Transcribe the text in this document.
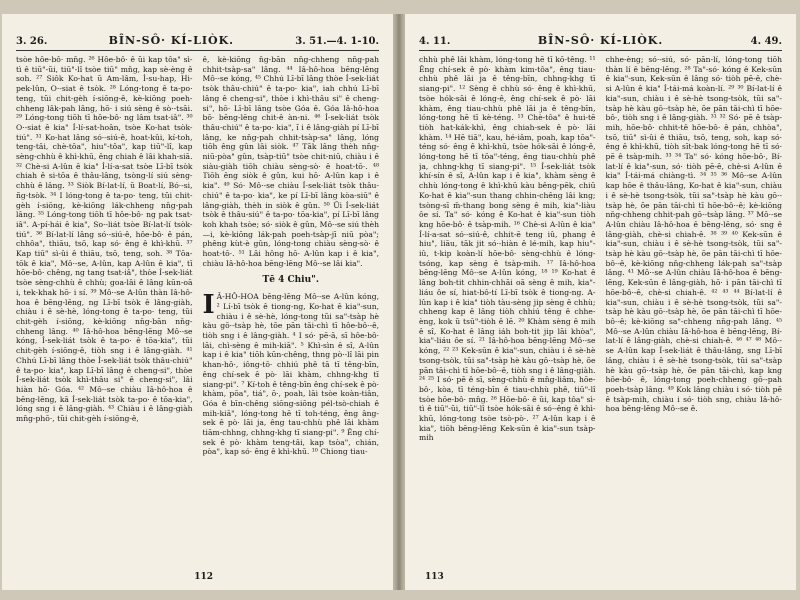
3. 26.	BÎN-SÔ· KÍ-LIÒK.	3. 51.—4. 1-10.

tsòe hôe-bô· mn̄g. ²⁶ Hôe-bô· ê ŭi kap tôa" sì-tì ê tiū"-ŭi, tiū"-lî tsòe tiū" mn̄g, kap sè-èng ê soh. ²⁷ Siôk Ko-hat ŭ Am-lâm, Í-su-hap, Hi-pek-lûn, O·-siat ê tsòk. ²⁸ Lóng-tong ê ta-po· teng, tŭi chit-gèh í-siōng-ê, kè-kiōng poeh-chheng lâk-pah lâng, hō· i siú sèng ê sò·-tsāi. ²⁹ Lóng-tong tiōh tī hôe-bô· ng lâm tsat-iâ". ³⁰ O·-siat ê kia" Í-lí-sat-hoân, tsòe Ko-hat tsòk-tiú". ³¹ Ko-hat lâng só·-siú-ê, hoat-kûi, kí-toh, teng-tâi, chè-tôa", hiu"-tôa", kap tiū"-lî, kap sèng-chhù ê khì-khū, êng chiah ê lâi khah-siā. ³² Chè-si A-lûn ê kia" Í-lí-a-sat tsòe Lī-bī tsòk chiah ê si-tōa ê thâu-lâng, tsòng-lí siú sèng-chhù ê lâng. ³³ Siòk Bí-lat-lí, ŭ Boat-lí, Bó·-si, ñg-tsòk. ³⁴ I lóng-tong ê ta-po· teng, tŭi chit-gèh í-siōng, kè-kiōng lák-chheng nn̄g-pah lâng. ³⁵ Lóng-tong tiōh tī hôe-bô· ng pak tsat-iâ". A-pí-hái ê kia", So·-liát tsòe Bí-lat-lí tsòk-tiú". ³⁶ Bí-lat-lí lâng só·-siú-ê, hôe-bô· ê pán, chhôa", thiāu, tsō, kap só· êng ê khì-khū. ³⁷ Kap tiū" sì-ûi ê thiāu, tsō, teng, soh. ³⁸ Tŏa-tōk ê kia", Mô·-se, A-lûn, kap A-lûn ê kia", tī hōe-bô· chêng, ng tang tsat-iâ", thòe Í-sek-liát tsòe sèng-chhù ê chhù; goa-lâi ê lâng kūn-oā i, tek-khak hō· i sí. ³⁹ Mô·-se A-lûn thàn Iâ-hô-hoa ê bēng-lēng, ng Lī-bī tsòk ê lâng-giàh, chiàu i ê sè-hè, lóng-tong ê ta-po· teng, tŭi chit-gèh í-siōng, kè-kiōng nn̄g-bān nn̄g-chheng lâng. ⁴⁰ Iâ-hô-hoa bēng-lēng Mô·-se kóng, Í-sek-liát tsòk ê ta-po· ê tōa-kia", tŭi chit-gèh í-siōng-ê, tiòh sng i ê lâng-giàh. ⁴¹ Chhú Lī-bī lâng thòe Í-sek-liát tsòk thâu-chiú" ê ta-po· kia", kap Lī-bī lâng ê cheng-si", thòe Í-sek-liát tsòk khì-thâu si" ê cheng-si", lâi hiàn hō· Góa. ⁴² Mô·-se chiàu Iâ-hô-hoa ê bēng-lēng, kā Í-sek-liát tsòk ta-po· ê tōa-kia", lóng sng i ê lâng-giàh. ⁴³ Chiàu i ê lâng-giàh mn̄g-phō·, tŭi chit-gèh í-siōng-ê,

ê, kè-kiōng n̄g-bān nn̄g-chheng nn̄g-pah chhit-tsàp-sa" lâng. ⁴⁴ Iâ-hô-hoa bēng-lēng Mô·-se kóng, ⁴⁵ Chhú Lī-bī lâng thòe Í-sek-liát tsòk thâu-chiú" ê ta-po· kia", iah chhú Lī-bī lâng ê cheng-si", thòe i khì-thâu si" ê cheng-si", hō· Lī-bī lâng tsòe Góa ê. Góa Iâ-hô-hoa bō· bēng-lēng chit-ê àn-ni. ⁴⁶ Í-sek-liát tsòk thâu-chiú" ê ta-po· kia", ĭ i ê lâng-giàh pí Lī-bī lâng, ke nn̄g-pah chhit-tsàp-sa" lâng, lóng tiōh êng gûn lâi siòk. ⁴⁷ Tāk lâng thèh nn̄g-niū-pòa" gûn, tsàp-tiū" tsòe chit-niū, chiàu i ê siàu-giàh tiōh chiàu sèng-sò· ê hoat-tō·. ⁴⁸ Tiōh êng siòk ê gûn, kui hō· A-lûn kap i ê kia". ⁴⁹ Só· Mô·-se chiàu Í-sek-liát tsòk thâu-chiú" ê ta-po· kia", ke pí Lī-bī lâng kòa-siū" ê lâng-giàh, thèh in siòk ê gûn. ⁵⁰ Ŭi Í-sek-liát tsòk ê thâu-siú" ê ta-po· tōa-kia", pí Lī-bī lâng koh khah tsòe; só· siòk ê gûn, Mô·-se siú thèh—i, kè-kiōng lák-pah poeh-tsàp-jī niū pòa"; phêng kùt-è gûn, lóng-tong chiàu sèng-sò· ê hoat-tō·. ⁵¹ Lâi hông hō· A-lûn kap i ê kia", chiàu Iâ-hô-hoa bēng-lēng Mô·-se lâi kia".

Tē 4 Chiu".

I Â-HÔ-HOA bēng-lēng Mô·-se A-lûn kóng, ² Lí-bī tsòk ê tiong-ng, Ko-hat ê kia"-sun, chiàu i ê sè-hè, lóng-tong tŭi sa"-tsàp hè kàu gō·-tsàp hè, tŏe pān tāi-chì tī hôe-bô·-ê, tiòh sng i ê lâng-giàh. ⁴ I só· pē-ā, sī hôe-bô· lāi, chì-sèng ê mih-kiā". ⁵ Khì-sìn ê sî, A-lûn kap i ê kia" tiōh kūn-chêng, thng pò·-lî lāi pin khan-hô·, iông-tō· chhiú phê tā tī têng-bīn, êng chí-sek ê pò· lāi khàm, chhng-khg tī siang-pi". ⁷ Kí-toh ê têng-bīn êng chí-sek ê pò· khàm, pōa", tiá", ō·, poah, lāi tsòe koàn-tiân, Góa ê bīn-chêng siōng-siōng pél-tsò-chiah ê mih-kiā", lóng-tong hē tī toh-téng, êng âng-sek ê pò· lāi ja, êng tau-chhù phê lāi khàm tiām-chhng, chhng-khg tī siang-pi". ⁹ Êng chí-sek ê pò· khàm teng-tâi, kap tsòa", chián, pòa", kap só· êng ê khì-khū. ¹⁰ Chiong tiau-

112
4. 11.	BÎN-SÔ· KÍ-LIÒK.	4. 49.

chhù phê lāi khàm, lóng-tong hē tī kō-têng. ¹¹ Êng chí-sek ê pò· khàm kim-tôa", êng tiau-chhù phê lāi ja ê têng-bīn, chhng-khg tī siang-pi". ¹² Sèng ê chhù só· êng ê khì-khū, tsòe hók-sāi ê lóng-ê, êng chí-sek ê pò· lāi khàm, êng tiau-chhù phê lāi ja ê têng-bīn, lóng-tong hē tī kè-téng. ¹³ Chè-tôa" ê hui-tē tiòh hat-kák-khì, êng chiah-sek ê pò· lāi khàm. ¹⁴ Hē tiā", kau, hé-iâm, poah, kap tōa"-téng só· êng ê khì-khū, tsòe hók-sāi ê lóng-ê, lóng-tong hē tī tōa"-téng, êng tiau-chhù phê ja, chhng-khg tī siang-pi". ¹⁵ Í-sek-liát tsòk khí-sín ê sî, A-lûn kap i ê kia", khàm sèng ê chhù lóng-tong ê khì-khū kàu bêng-pēk, chiū Ko-hat ê kia"-sun thang chhin-chêng lâi kng; tsòng-sī m̄-thang bong sèng ê mih, kia"-liàu ôe sí. Ta" só· kóng ê Ko-hat ê kia"-sun tiòh kng hōe-bô· ê tsàp-mih. ¹⁶ Chè-si A-lûn ê kia" Í-lí-a-sat só·-siú-ê, chhit-ē teng iû, phang ê hiu", liāu, tāk jit só·-hiàn ê lé-mih, kap hiu"-iû, t-kip koàn-lí hōe-bô· sèng-chhù ê lóng-tsóng, kap sèng ê tsàp-mih. ¹⁷ Iâ-hô-hoa bēng-lēng Mô·-se A-lûn kóng, ¹⁸ ¹⁹ Ko-hat ê lâng boh-tit chhin-chhāi oā sèng ê mih, kia"-liáu ôe sí, hiat-bô-tí Lī-bī tsòk ê tiong-ng. A-lûn kap i ê kia" tiòh tàu-sèng jip sèng ê chhù; chheng kap ê lâng tiòh chhiú têng ê chhe-èng, kok ŭ tsū"-tiòh ê lē. ²⁰ Khàm sèng ê mih ê sî, Ko-hat ê lâng iáh boh-tit jip lāi khòa", kia"-liáu ôe sí. ²¹ Iâ-hô-hoa bēng-lēng Mô·-se kóng, ²² ²³ Kek-sūn ê kia"-sun, chiàu i ê sè-hè tsong-tsòk, tŭi sa"-tsàp hè kàu gō·-tsàp hè, ŏe pān tāi-chì tī hōe-bô·-ê, tiòh sng i ê lâng-giàh. ²⁴ ²⁵ I só· pē ê sī, sèng-chhù ê mn̄g-liâm, hōe-bô·, kòa, tī téng-bīn ê tiau-chhù phê, tiū"-lî tsòe hōe-bô· mn̄g. ²⁶ Hōe-bô· ê ŭi, kap tôa" sì-tì ê tiū"-ŭi, tiū"-lî tsòe hók-sāi ê só·-êng ê khì-khū, lóng-tong tsòe tsò-pò·. ²⁷ A-lûn kap i ê kia", tiōh bēng-lēng Kek-sūn ê kia"-sun tsàp-mih

chhe-èng; só·-siú, só· pān-lí, lóng-tong tiōh thàn lí ê bēng-lēng. ²⁸ Ta"-só· kóng ê Kek-sūn ê kia"-sun, Kek-sūn ê lâng só· tiòh pē-ê, chè-si A-lûn ê kia" Í-tái-má koàn-lí. ²⁹ ³⁰ Bí-lat-lí ê kia"-sun, chiàu i ê sè-hè tsong-tsòk, tŭi sa"-tsàp hè kàu gō·-tsàp hè, ŏe pān tāi-chì tī hōe-bô·, tiòh sng i ê lâng-giàh. ³¹ ³² Só· pē ê tsàp-mih, hōe-bô· chhit-tê hōe-bô· ê pán, chhòa", tsō, tiū" sì-ûi ê thiāu, tsō, teng, soh, kap só· êng ê khì-khū, tiòh sīt-bak lóng-tong hē tī só· pē ê tsàp-mih. ³³ ³⁴ Ta" só· kóng hōe-bô·, Bí-lat-lí ê kia"-sun, só· tiòh pē-ê, chè-si A-lûn ê kia" Í-tái-má chiàng-tì. ³⁴ ³⁵ ³⁶ Mô·-se A-lûn kap hōe ê thâu-lâng, Ko-hat ê kia"-sun, chiàu i ê sè-hè tsong-tsòk, tŭi sa"-tsàp hè kàu gō·-tsàp hè, ŏe pān tāi-chì tī hōe-bô·-ê; kè-kiōng nn̄g-chheng chhit-pah gō·-tsàp lâng. ³⁷ Mô·-se A-lûn chiàu Iâ-hô-hoa ê bēng-lēng, só· sng ê lâng-giàh, chè-si chiah-ê. ³⁸ ³⁹ ⁴⁰ Kek-sūn ê kia"-sun, chiàu i ê sè-hè tsong-tsòk, tŭi sa"-tsàp hè kàu gō·-tsàp hè, ŏe pān tāi-chì tī hōe-bô·-ê, kè-kiōng nn̄g-chheng lák-pah sa"-tsàp lâng. ⁴¹ Mô·-se A-lûn chiàu Iâ-hô-hoa ê bēng-lēng, Kek-sūn ê lâng-giàh, hō· i pān tāi-chì tī hōe-bô·-ê, chè-si chiah-ê. ⁴² ⁴³ ⁴⁴ Bí-lat-lí ê kia"-sun, chiàu i ê sè-hè tsong-tsòk, tŭi sa"-tsàp hè kàu gō·-tsàp hè, ŏe pān tāi-chì tī hōe-bô·-ê; kè-kiōng sa"-chheng nn̄g-pah lâng. ⁴⁵ Mô·-se A-lûn chiàu Iâ-hô-hoa ê bēng-lēng, Bí-lat-lí ê lâng-giàh, chè-si chiah-ê. ⁴⁶ ⁴⁷ ⁴⁸ Mô·-se A-lûn kap Í-sek-liát ê thâu-lâng, sng Lī-bī lâng, chiàu i ê sè-hè tsong-tsòk, tŭi sa"-tsàp hè kàu gō·-tsàp hè, ŏe pān tāi-chì, kap kng hōe-bô· ê, lóng-tong poeh-chheng gō·-pah poeh-tsàp lâng. ⁴⁹ Kok lâng chiàu i só· tiòh pē ê tsàp-mih, chiàu i só· tiòh sng, chiàu Iâ-hô-hoa bēng-lēng Mô·-se ê.

113
